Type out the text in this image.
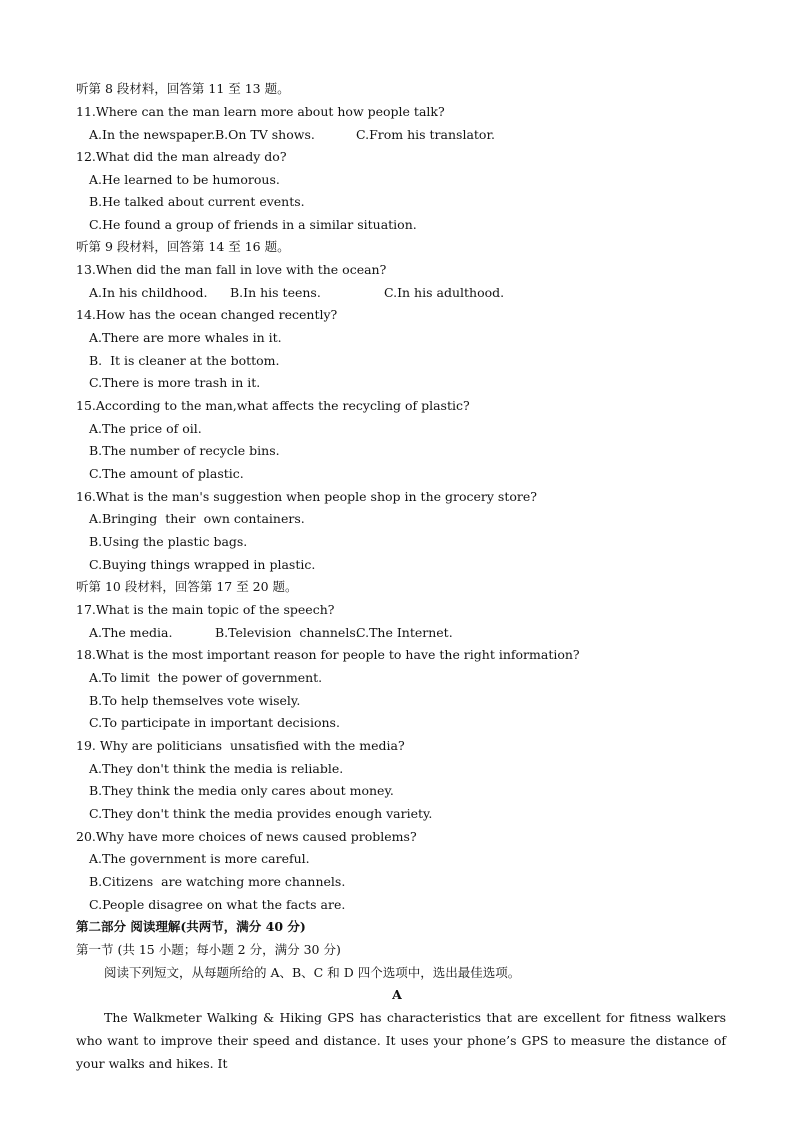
听第 8 段材料，回答第 11 至 13 题。
11.Where can the man learn more about how people talk?
A.In the newspaper. B.On TV shows.	C.From his translator.
12.What did the man already do?
A.He learned to be humorous.
B.He talked about current events.
C.He found a group of friends in a similar situation.
听第 9 段材料，回答第 14 至 16 题。
13.When did the man fall in love with the ocean?
A.In his childhood.	B.In his teens.	C.In his adulthood.
14.How has the ocean changed recently?
A.There are more whales in it.
B.  It is cleaner at the bottom.
C.There is more trash in it.
15.According to the man,what affects the recycling of plastic?
A.The price of oil.
B.The number of recycle bins.
C.The amount of plastic.
16.What is the man's suggestion when people shop in the grocery store?
A.Bringing  their  own containers.
B.Using the plastic bags.
C.Buying things wrapped in plastic.
听第 10 段材料，回答第 17 至 20 题。
17.What is the main topic of the speech?
A.The media.	B.Television  channels.
C.The Internet.
18.What is the most important reason for people to have the right information?
A.To limit  the power of government.
B.To help themselves vote wisely.
C.To participate in important decisions.
19. Why are politicians  unsatisfied with the media?
A.They don't think the media is reliable.
B.They think the media only cares about money.
C.They don't think the media provides enough variety.
20.Why have more choices of news caused problems?
A.The government is more careful.
B.Citizens  are watching more channels.
C.People disagree on what the facts are.
第二部分 阅读理解(共两节，满分 40 分)
第一节 (共 15 小题；每小题 2 分，满分 30 分)
阅读下列短文，从每题所给的 A、B、C 和 D 四个选项中，选出最佳选项。
A
The Walkmeter Walking & Hiking GPS has characteristics that are excellent for fitness walkers who want to improve their speed and distance. It uses your phone’s GPS to measure the distance of your walks and hikes. It
